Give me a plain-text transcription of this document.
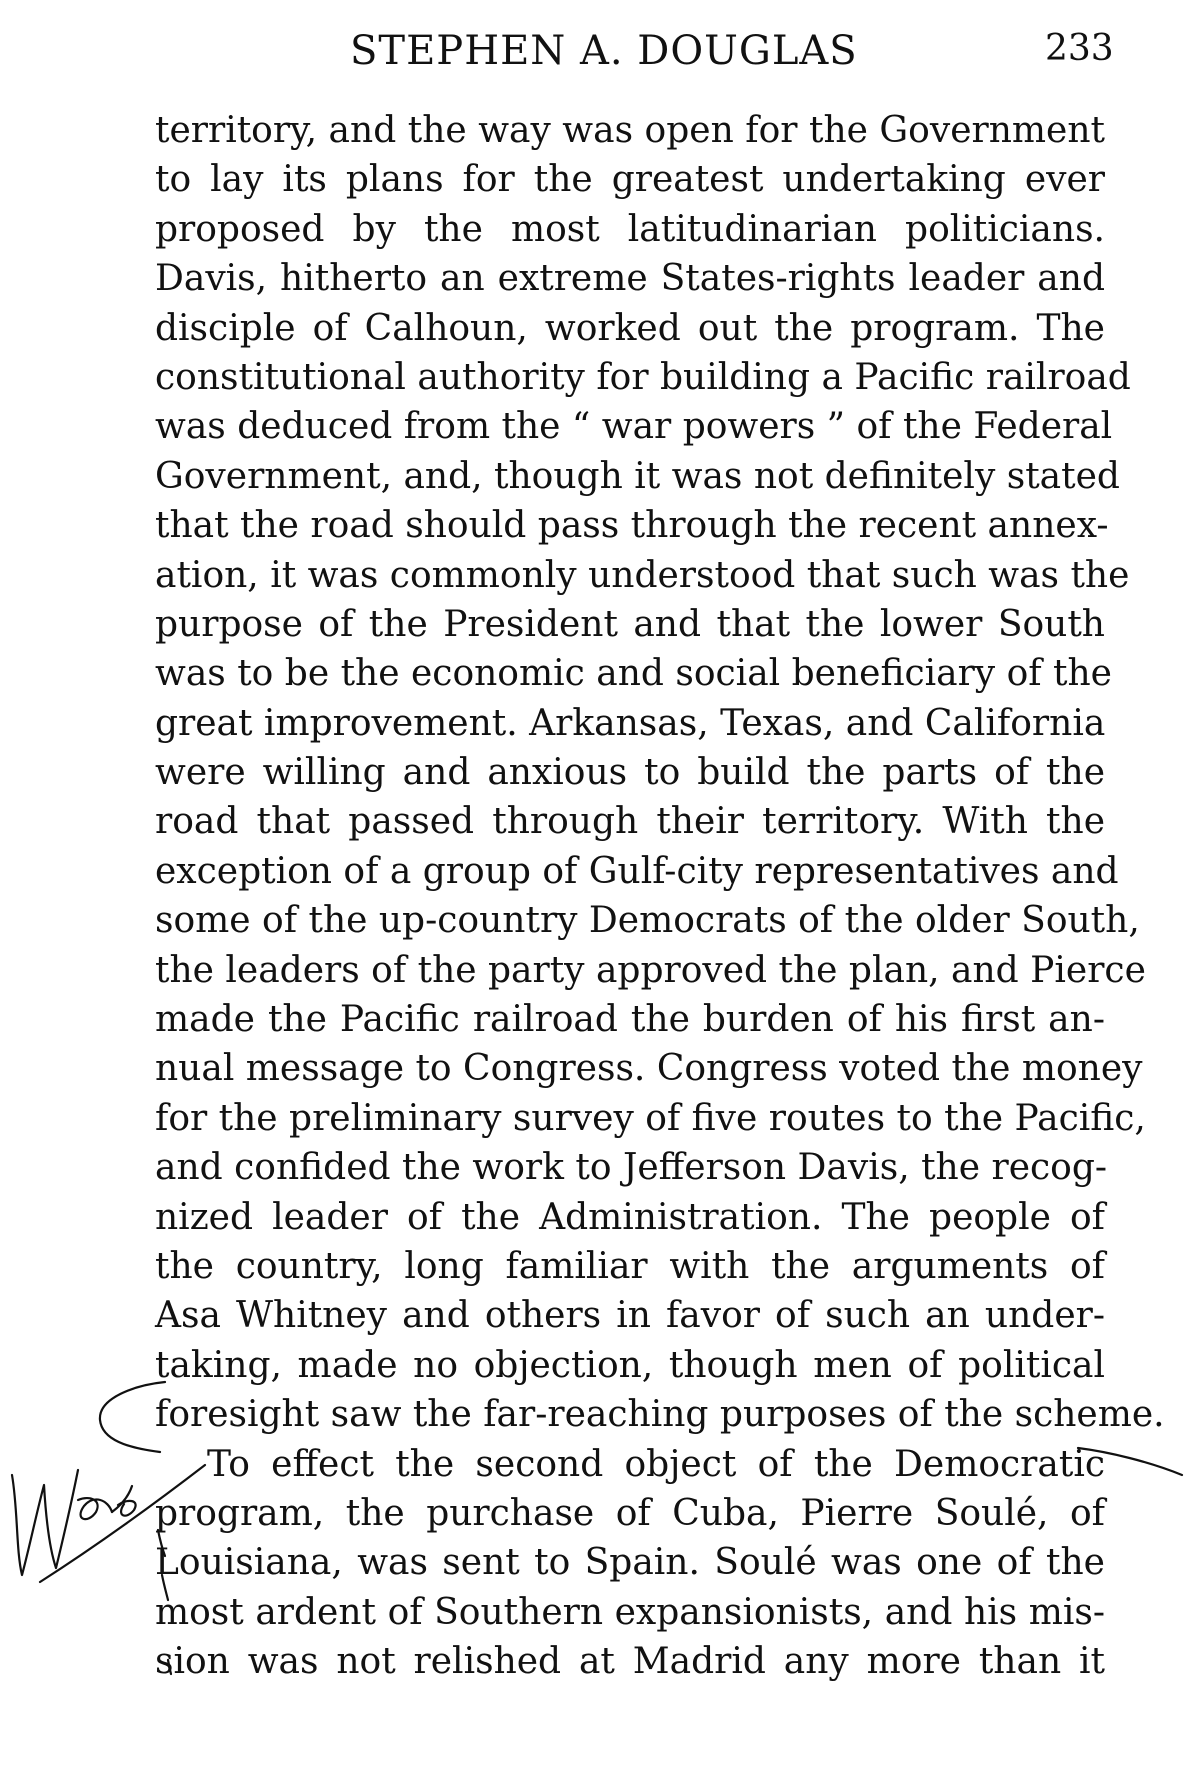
STEPHEN A. DOUGLAS	233
territory, and the way was open for the Government
to lay its plans for the greatest undertaking ever
proposed by the most latitudinarian politicians.
Davis, hitherto an extreme States-rights leader and
disciple of Calhoun, worked out the program. The
constitutional authority for building a Pacific railroad
was deduced from the “ war powers ” of the Federal
Government, and, though it was not definitely stated
that the road should pass through the recent annex-
ation, it was commonly understood that such was the
purpose of the President and that the lower South
was to be the economic and social beneficiary of the
great improvement. Arkansas, Texas, and California
were willing and anxious to build the parts of the
road that passed through their territory. With the
exception of a group of Gulf-city representatives and
some of the up-country Democrats of the older South,
the leaders of the party approved the plan, and Pierce
made the Pacific railroad the burden of his first an-
nual message to Congress. Congress voted the money
for the preliminary survey of five routes to the Pacific,
and confided the work to Jefferson Davis, the recog-
nized leader of the Administration. The people of
the country, long familiar with the arguments of
Asa Whitney and others in favor of such an under-
taking, made no objection, though men of political
foresight saw the far-reaching purposes of the scheme.
To effect the second object of the Democratic
program, the purchase of Cuba, Pierre Soulé, of
Louisiana, was sent to Spain. Soulé was one of the
most ardent of Southern expansionists, and his mis-
sion was not relished at Madrid any more than it
